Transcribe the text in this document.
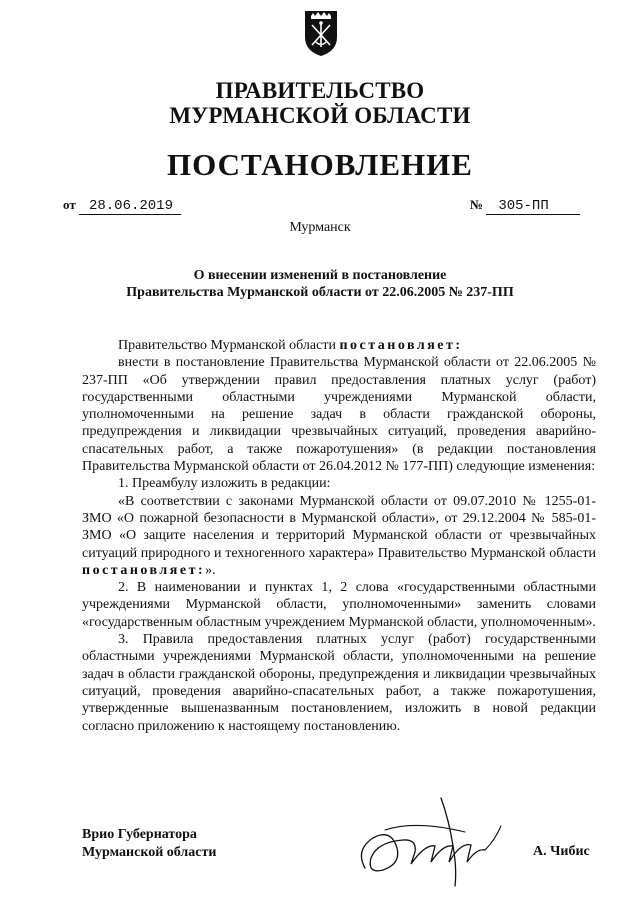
ПРАВИТЕЛЬСТВО
МУРМАНСКОЙ ОБЛАСТИ
ПОСТАНОВЛЕНИЕ
от 28.06.2019	№ 305-ПП
Мурманск
О внесении изменений в постановление
Правительства Мурманской области от 22.06.2005 № 237-ПП

Правительство Мурманской области постановляет:

внести в постановление Правительства Мурманской области от 22.06.2005 № 237-ПП «Об утверждении правил предоставления платных услуг (работ) государственными областными учреждениями Мурманской области, уполномоченными на решение задач в области гражданской обороны, предупреждения и ликвидации чрезвычайных ситуаций, проведения аварийно-спасательных работ, а также пожаротушения» (в редакции постановления Правительства Мурманской области от 26.04.2012 № 177-ПП) следующие изменения:

1. Преамбулу изложить в редакции:

«В соответствии с законами Мурманской области от 09.07.2010 № 1255-01-ЗМО «О пожарной безопасности в Мурманской области», от 29.12.2004 № 585-01-ЗМО «О защите населения и территорий Мурманской области от чрезвычайных ситуаций природного и техногенного характера» Правительство Мурманской области постановляет:».

2. В наименовании и пунктах 1, 2 слова «государственными областными учреждениями Мурманской области, уполномоченными» заменить словами «государственным областным учреждением Мурманской области, уполномоченным».

3. Правила предоставления платных услуг (работ) государственными областными учреждениями Мурманской области, уполномоченными на решение задач в области гражданской обороны, предупреждения и ликвидации чрезвычайных ситуаций, проведения аварийно-спасательных работ, а также пожаротушения, утвержденные вышеназванным постановлением, изложить в новой редакции согласно приложению к настоящему постановлению.

Врио Губернатора
Мурманской области	А. Чибис
